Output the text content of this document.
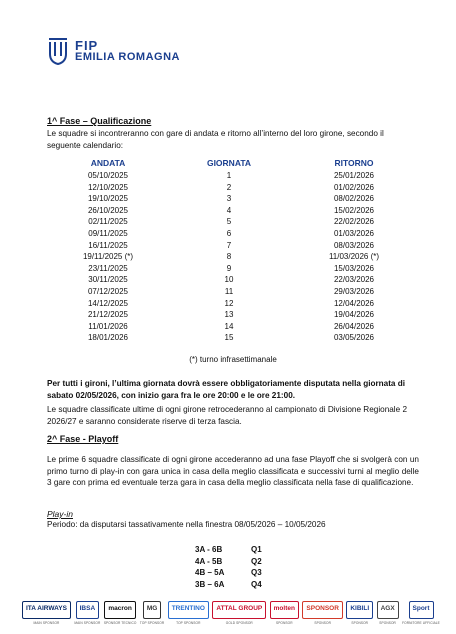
FIP
EMILIA ROMAGNA
1^ Fase – Qualificazione
Le squadre si incontreranno con gare di andata e ritorno all’interno del loro girone, secondo il seguente calendario:
ANDATA	GIORNATA	RITORNO
05/10/2025	1	25/01/2026
12/10/2025	2	01/02/2026
19/10/2025	3	08/02/2026
26/10/2025	4	15/02/2026
02/11/2025	5	22/02/2026
09/11/2025	6	01/03/2026
16/11/2025	7	08/03/2026
19/11/2025 (*)	8	11/03/2026 (*)
23/11/2025	9	15/03/2026
30/11/2025	10	22/03/2026
07/12/2025	11	29/03/2026
14/12/2025	12	12/04/2026
21/12/2025	13	19/04/2026
11/01/2026	14	26/04/2026
18/01/2026	15	03/05/2026
(*) turno infrasettimanale
Per tutti i gironi, l’ultima giornata dovrà essere obbligatoriamente disputata nella giornata di sabato 02/05/2026, con inizio gara fra le ore 20:00 e le ore 21:00.
Le squadre classificate ultime di ogni girone retrocederanno al campionato di Divisione Regionale 2 2026/27 e saranno considerate riserve di terza fascia.
2^ Fase - Playoff
Le prime 6 squadre classificate di ogni girone accederanno ad una fase Playoff che si svolgerà con un primo turno di play-in con gara unica in casa della meglio classificata e successivi turni al meglio delle 3 gare con prima ed eventuale terza gara in casa della meglio classificata nella fase di qualificazione.
Play-in
Periodo: da disputarsi tassativamente nella finestra 08/05/2026 – 10/05/2026
3A - 6B	Q1
4A - 5B	Q2
4B – 5A	Q3
3B – 6A	Q4
ITA AIRWAYS
MAIN SPONSOR
IBSA
MAIN SPONSOR
macron
SPONSOR TECNICO
MG
TOP SPONSOR
TRENTINO
TOP SPONSOR
ATTAL GROUP
GOLD SPONSOR
molten
SPONSOR
SPONSOR
SPONSOR
KIBILI
SPONSOR
AGX
SPONSOR
Sport
FORNITORE UFFICIALE
